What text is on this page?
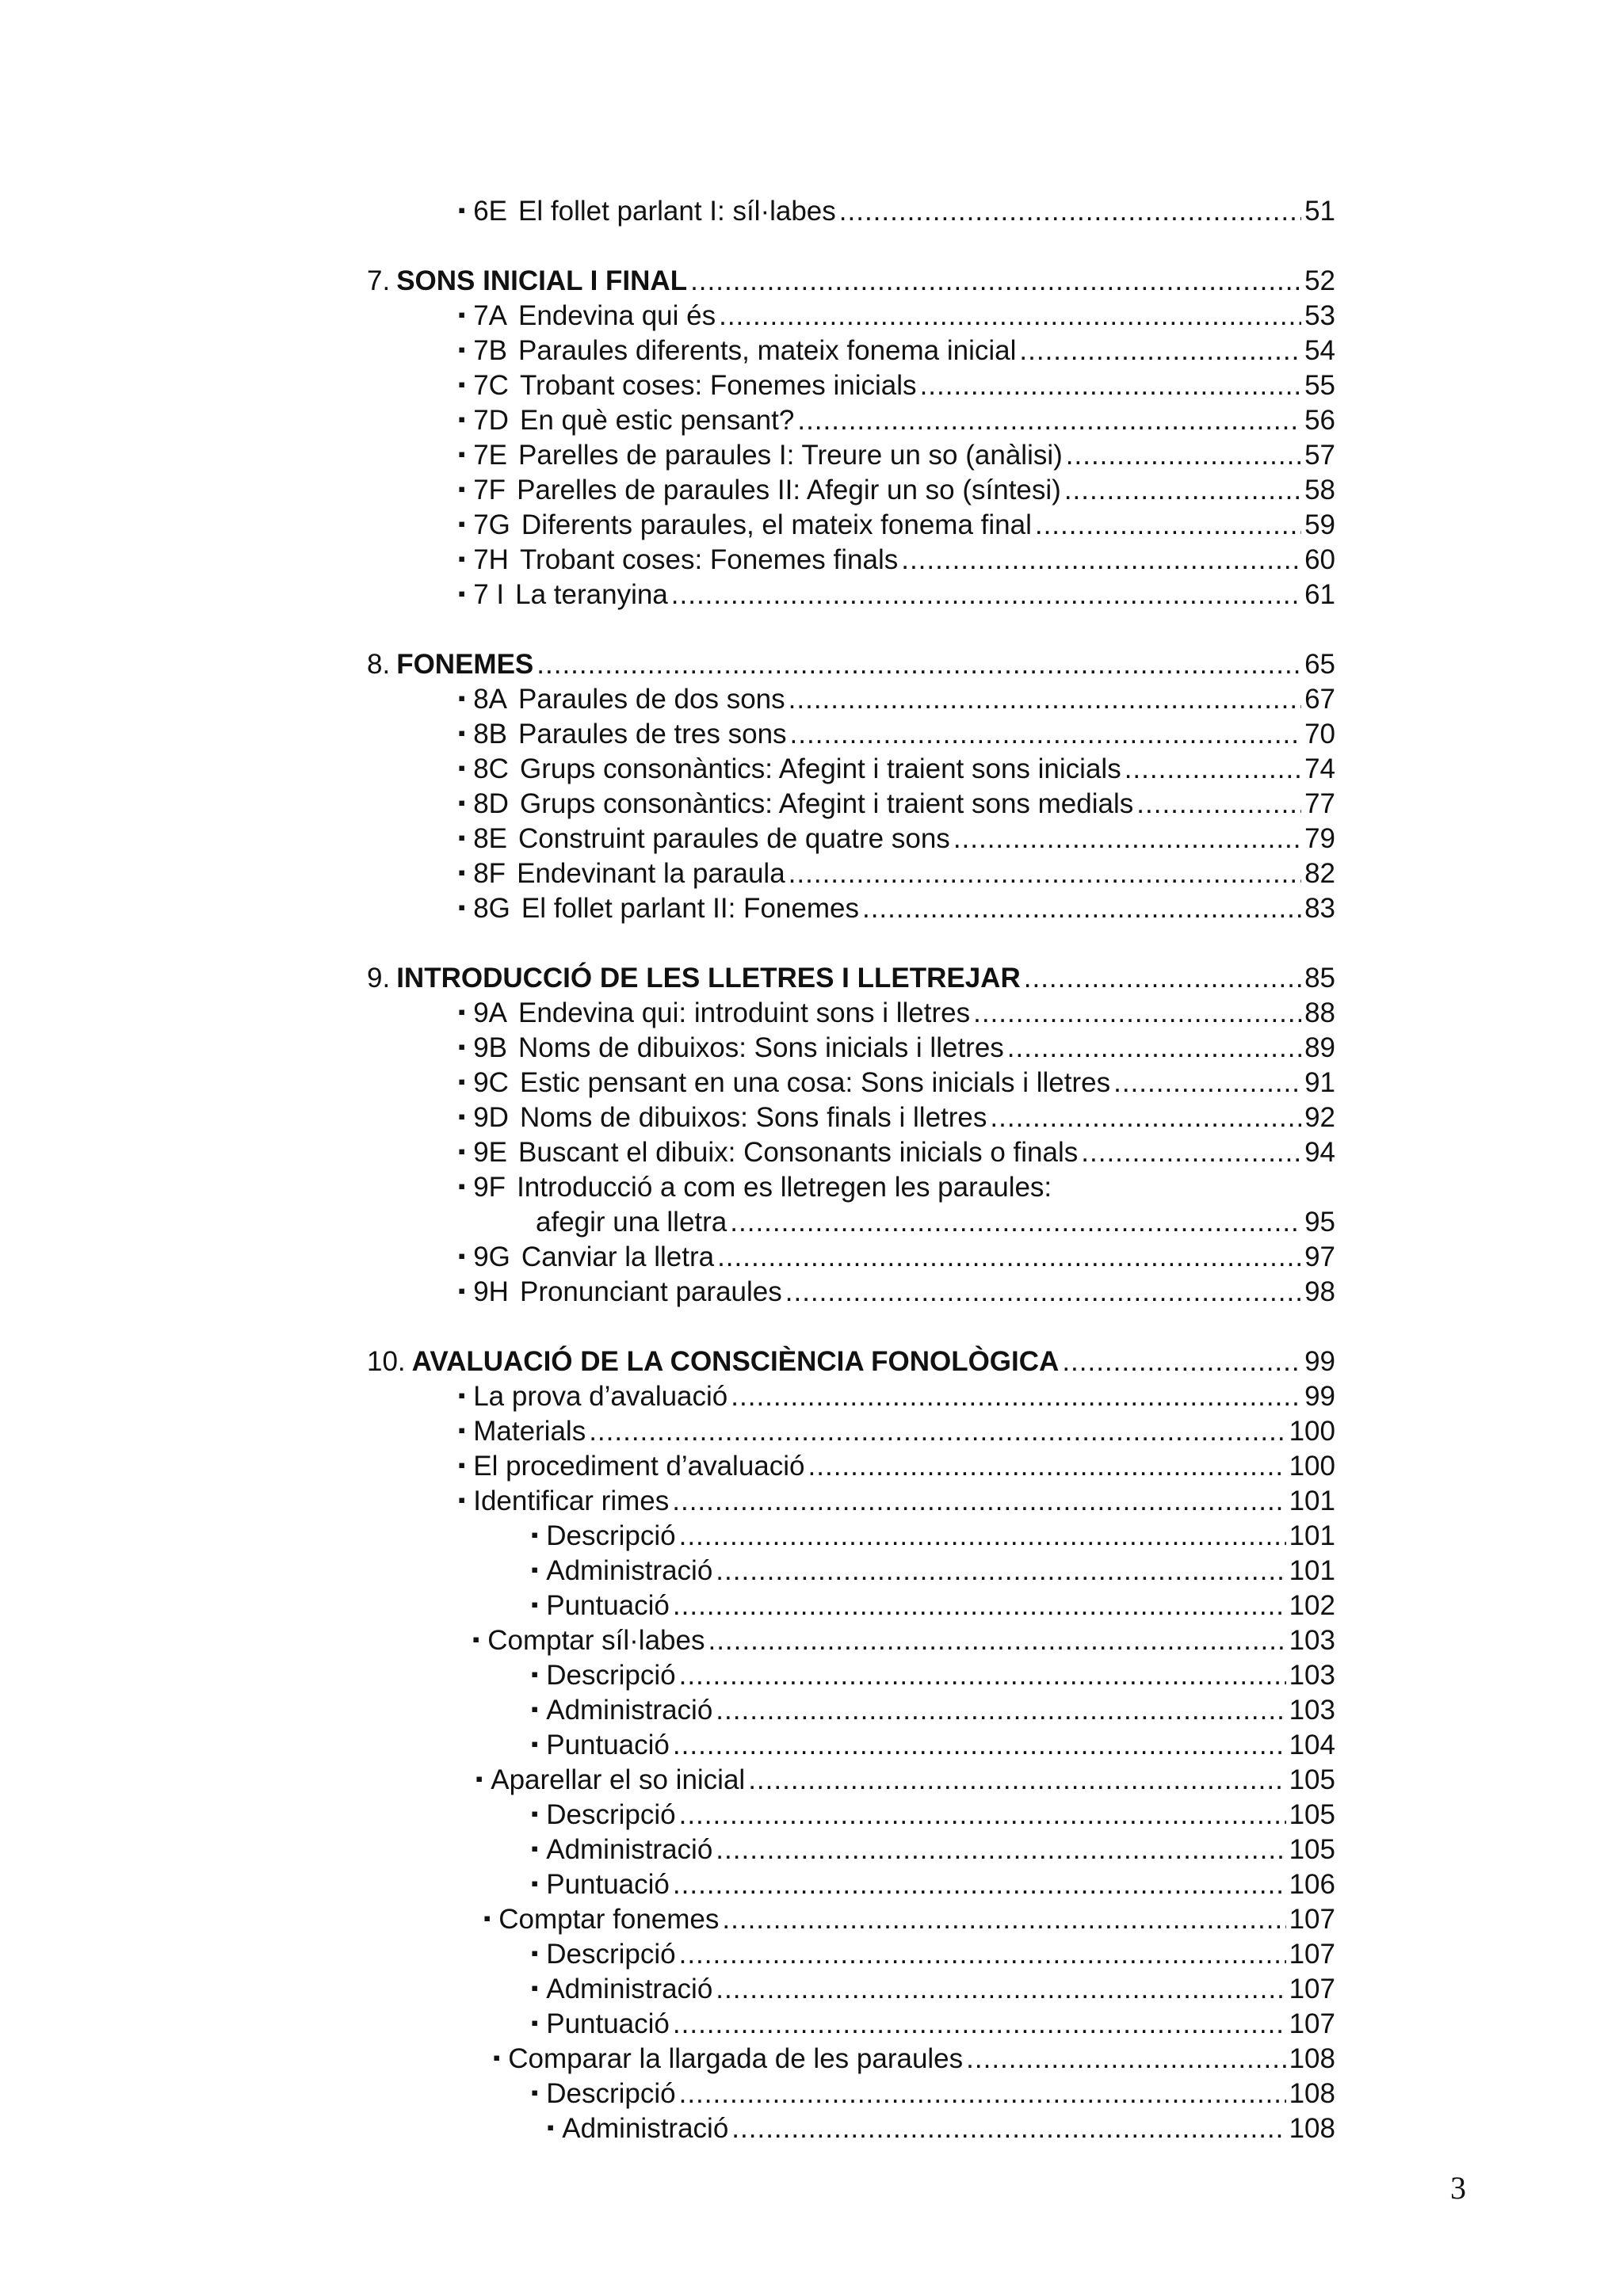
▪ 6E El follet parlant I: síl·labes .....	51
7. SONS INICIAL I FINAL .....	52
▪ 7A Endevina qui és .....	53
▪ 7B Paraules diferents, mateix fonema inicial .....	54
▪ 7C Trobant coses: Fonemes inicials .....	55
▪ 7D En què estic pensant? .....	56
▪ 7E Parelles de paraules I: Treure un so (anàlisi) .....	57
▪ 7F Parelles de paraules II: Afegir un so (síntesi) .....	58
▪ 7G Diferents paraules, el mateix fonema final .....	59
▪ 7H Trobant coses: Fonemes finals .....	60
▪ 7 I La teranyina .....	61
8. FONEMES .....	65
▪ 8A Paraules de dos sons .....	67
▪ 8B Paraules de tres sons .....	70
▪ 8C Grups consonàntics: Afegint i traient sons inicials .....	74
▪ 8D Grups consonàntics: Afegint i traient sons medials .....	77
▪ 8E Construint paraules de quatre sons .....	79
▪ 8F Endevinant la paraula .....	82
▪ 8G El follet parlant II: Fonemes .....	83
9. INTRODUCCIÓ DE LES LLETRES I LLETREJAR .....	85
▪ 9A Endevina qui: introduint sons i lletres .....	88
▪ 9B Noms de dibuixos: Sons inicials i lletres .....	89
▪ 9C Estic pensant en una cosa: Sons inicials i lletres .....	91
▪ 9D Noms de dibuixos: Sons finals i lletres .....	92
▪ 9E Buscant el dibuix: Consonants inicials o finals .....	94
▪ 9F Introducció a com es lletregen les paraules:
afegir una lletra .....	95
▪ 9G Canviar la lletra .....	97
▪ 9H Pronunciant paraules .....	98
10. AVALUACIÓ DE LA CONSCIÈNCIA FONOLÒGICA .....	99
▪ La prova d’avaluació .....	99
▪ Materials .....	100
▪ El procediment d’avaluació .....	100
▪ Identificar rimes .....	101
▪ Descripció .....	101
▪ Administració .....	101
▪ Puntuació .....	102
▪ Comptar síl·labes .....	103
▪ Descripció .....	103
▪ Administració .....	103
▪ Puntuació .....	104
▪ Aparellar el so inicial .....	105
▪ Descripció .....	105
▪ Administració .....	105
▪ Puntuació .....	106
▪ Comptar fonemes .....	107
▪ Descripció .....	107
▪ Administració .....	107
▪ Puntuació .....	107
▪ Comparar la llargada de les paraules .....	108
▪ Descripció .....	108
▪ Administració .....	108
3
